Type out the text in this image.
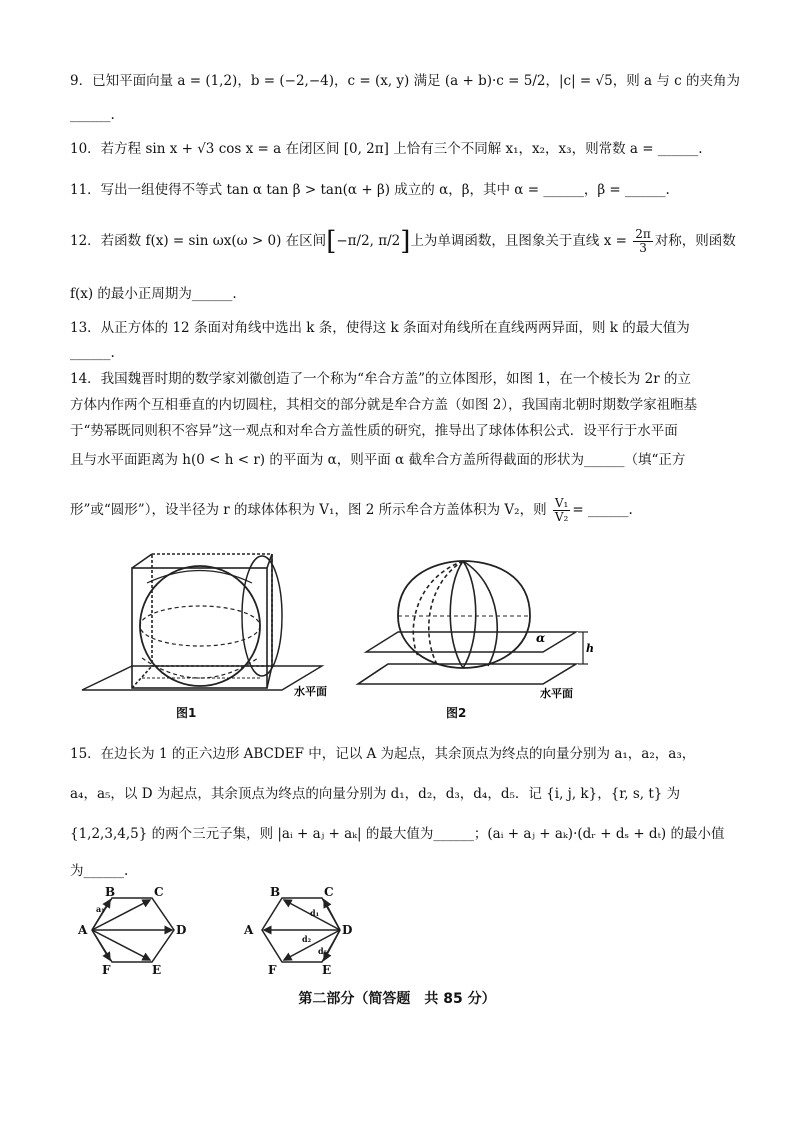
9．已知平面向量 a = (1,2)，b = (−2,−4)，c = (x, y) 满足 (a + b)·c = 5/2，|c| = √5，则 a 与 c 的夹角为
______.
10．若方程 sin x + √3 cos x = a 在闭区间 [0, 2π] 上恰有三个不同解 x₁，x₂，x₃，则常数 a = ______.
11．写出一组使得不等式 tan α tan β > tan(α + β) 成立的 α，β，其中 α = ______，β = ______.
12．若函数 f(x) = sin ωx(ω > 0) 在区间[−π/2, π/2]上为单调函数，且图象关于直线 $x = \frac{2\pi}{3}$ 对称，则函数
f(x) 的最小正周期为______.
13．从正方体的 12 条面对角线中选出 k 条，使得这 k 条面对角线所在直线两两异面，则 k 的最大值为
______.
14．我国魏晋时期的数学家刘徽创造了一个称为“牟合方盖”的立体图形，如图 1，在一个棱长为 2r 的立
方体内作两个互相垂直的内切圆柱，其相交的部分就是牟合方盖（如图 2），我国南北朝时期数学家祖暅基
于“势幂既同则积不容异”这一观点和对牟合方盖性质的研究，推导出了球体体积公式．设平行于水平面
且与水平面距离为 h(0 < h < r) 的平面为 α，则平面 α 截牟合方盖所得截面的形状为______（填“正方
形”或“圆形”），设半径为 r 的球体体积为 V₁，图 2 所示牟合方盖体积为 V₂，则 $\frac{\text{V₁}}{\text{V₂}}$ = ______.
水平面
图1
α
h
水平面
图2
15．在边长为 1 的正六边形 ABCDEF 中，记以 A 为起点，其余顶点为终点的向量分别为 a₁，a₂，a₃，
a₄，a₅，以 D 为起点，其余顶点为终点的向量分别为 d₁，d₂，d₃，d₄，d₅．记 {i, j, k}，{r, s, t} 为
{1,2,3,4,5} 的两个三元子集，则 |aᵢ + aⱼ + aₖ| 的最大值为______；(aᵢ + aⱼ + aₖ)·(dᵣ + dₛ + dₜ) 的最小值
为______.
A
B	C
D
E
F
a₁
A
B	C
D
E
F
d₁
d₂
d₅
第二部分（简答题　共 85 分）
